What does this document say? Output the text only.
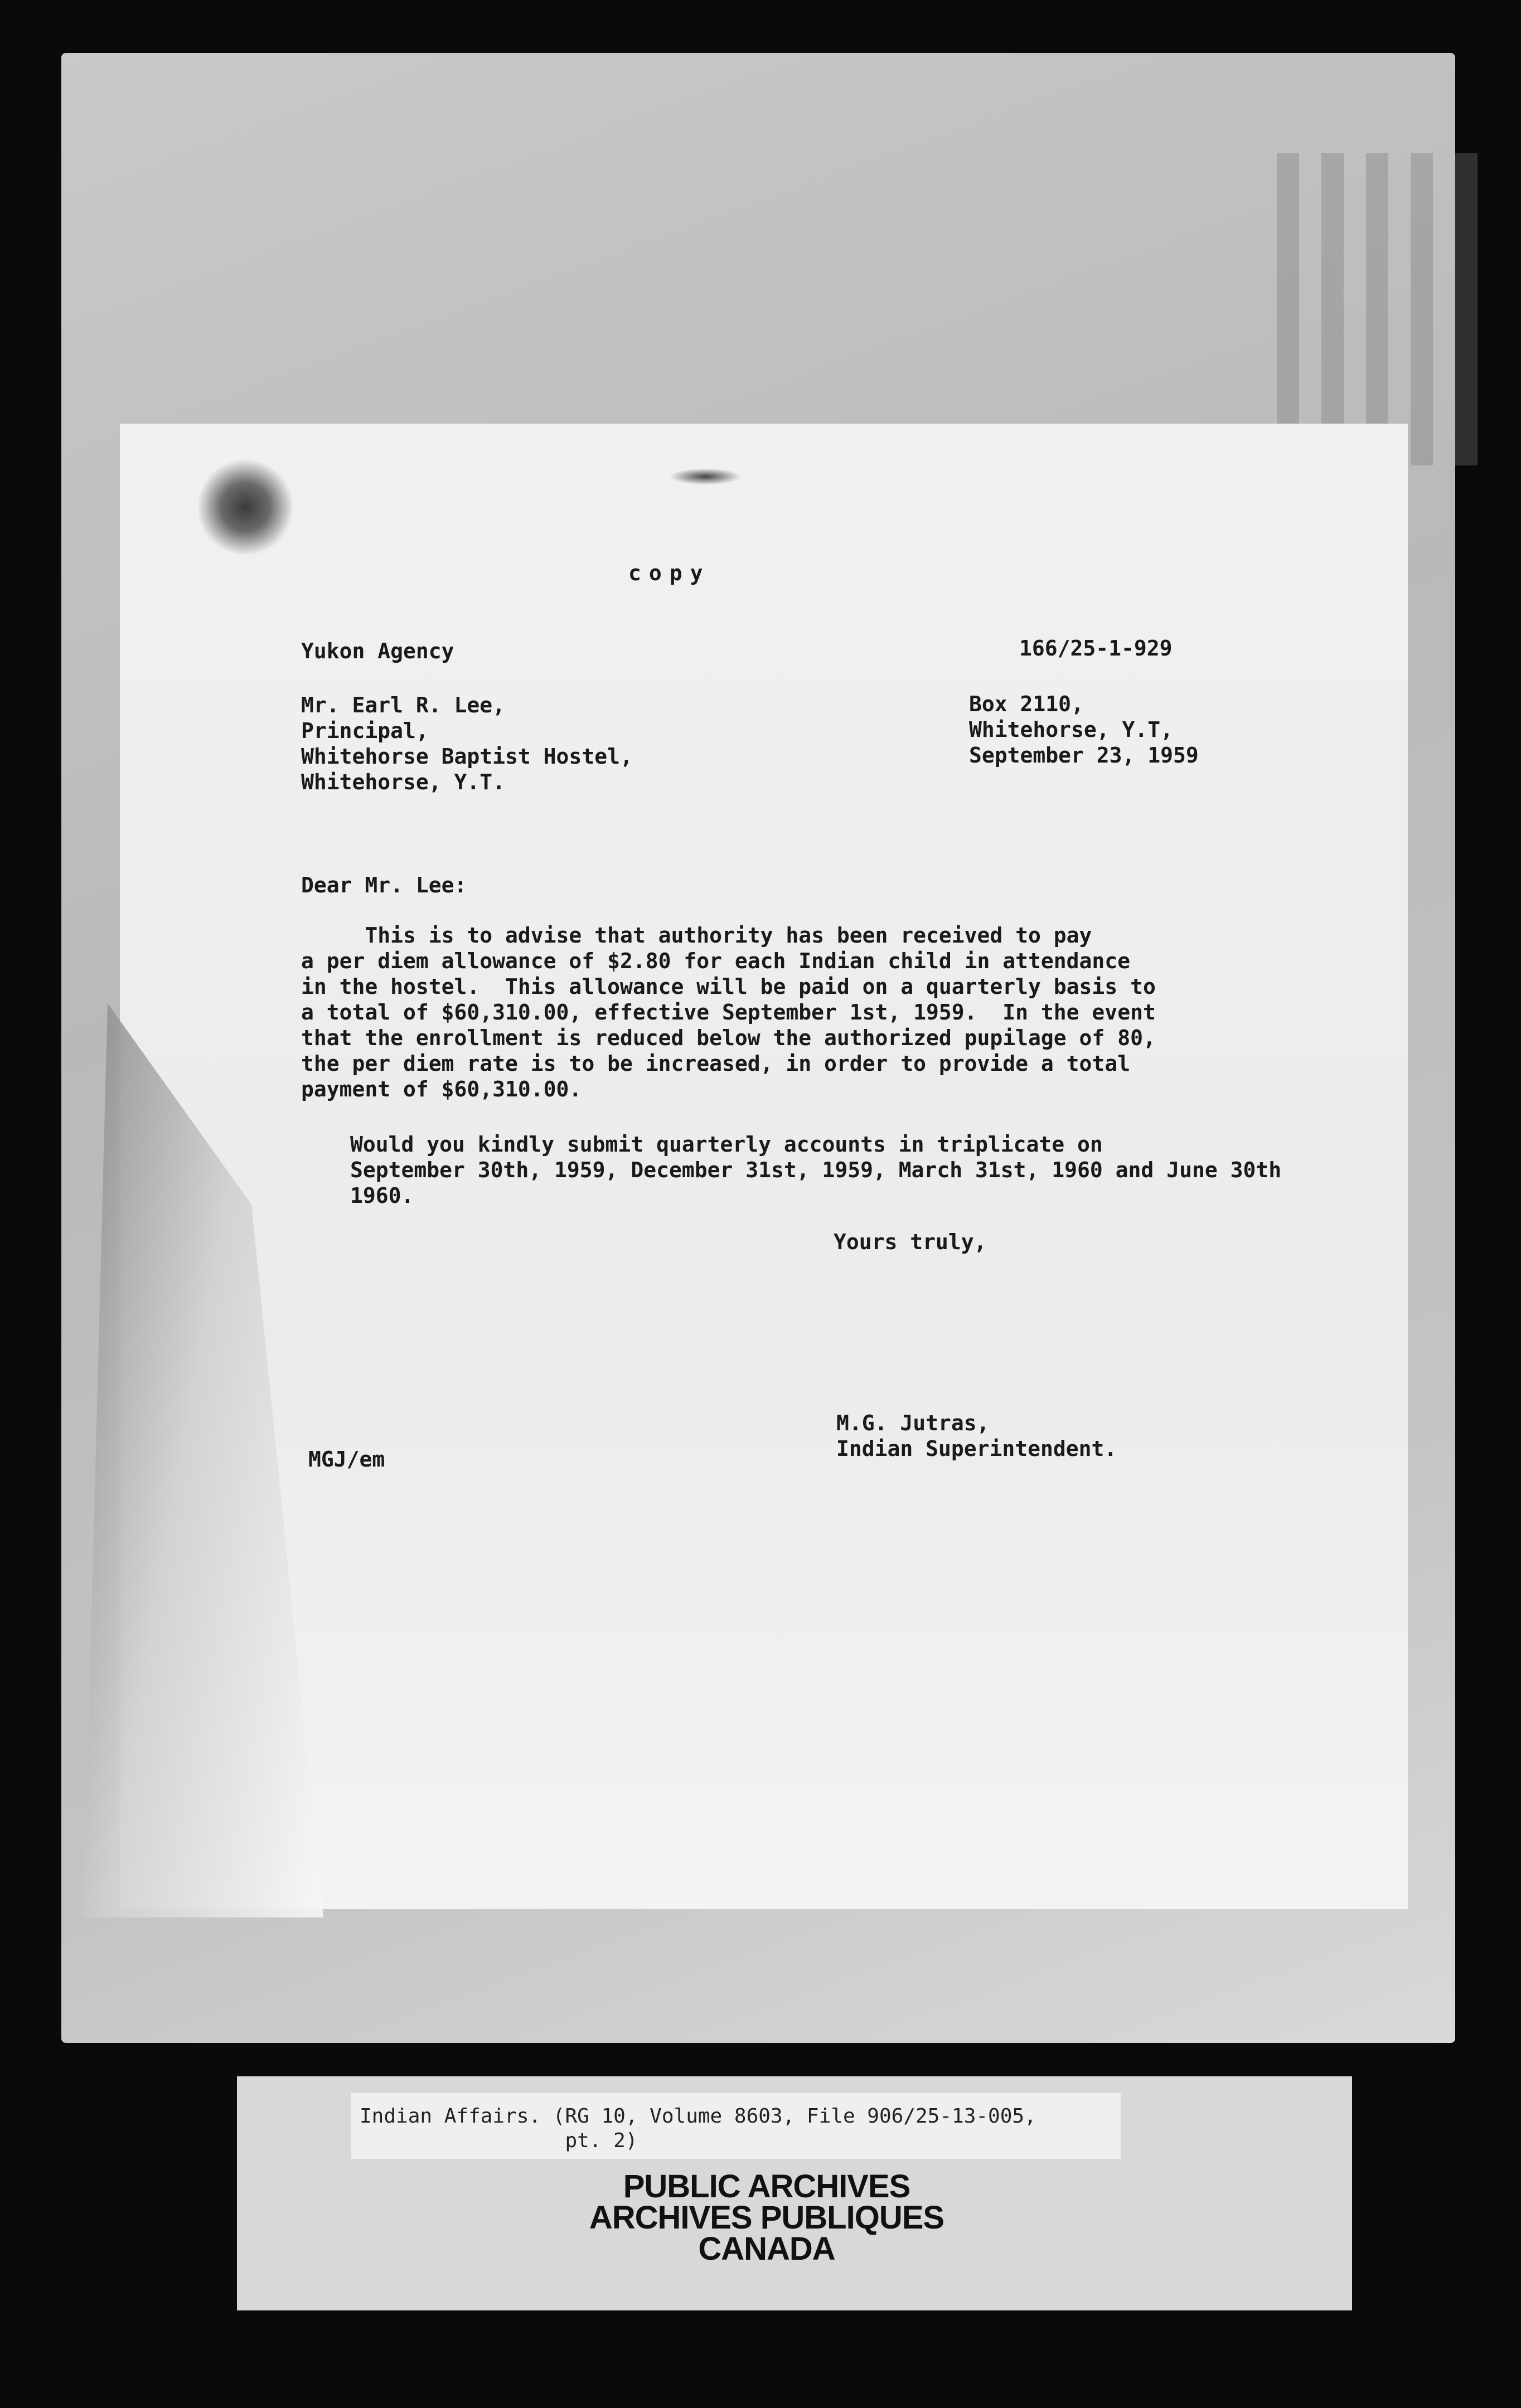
copy
Yukon Agency	166/25-1-929
Mr. Earl R. Lee,
Principal,
Whitehorse Baptist Hostel,
Whitehorse, Y.T.
Box 2110,
Whitehorse, Y.T,
September 23, 1959
Dear Mr. Lee:
This is to advise that authority has been received to pay
a per diem allowance of $2.80 for each Indian child in attendance
in the hostel.  This allowance will be paid on a quarterly basis to
a total of $60,310.00, effective September 1st, 1959.  In the event
that the enrollment is reduced below the authorized pupilage of 80,
the per diem rate is to be increased, in order to provide a total
payment of $60,310.00.
Would you kindly submit quarterly accounts in triplicate on
September 30th, 1959, December 31st, 1959, March 31st, 1960 and June 30th
1960.
Yours truly,
M.G. Jutras,
Indian Superintendent.
MGJ/em
Indian Affairs. (RG 10, Volume 8603, File 906/25-13-005,
pt. 2)
PUBLIC ARCHIVES
ARCHIVES PUBLIQUES
CANADA
